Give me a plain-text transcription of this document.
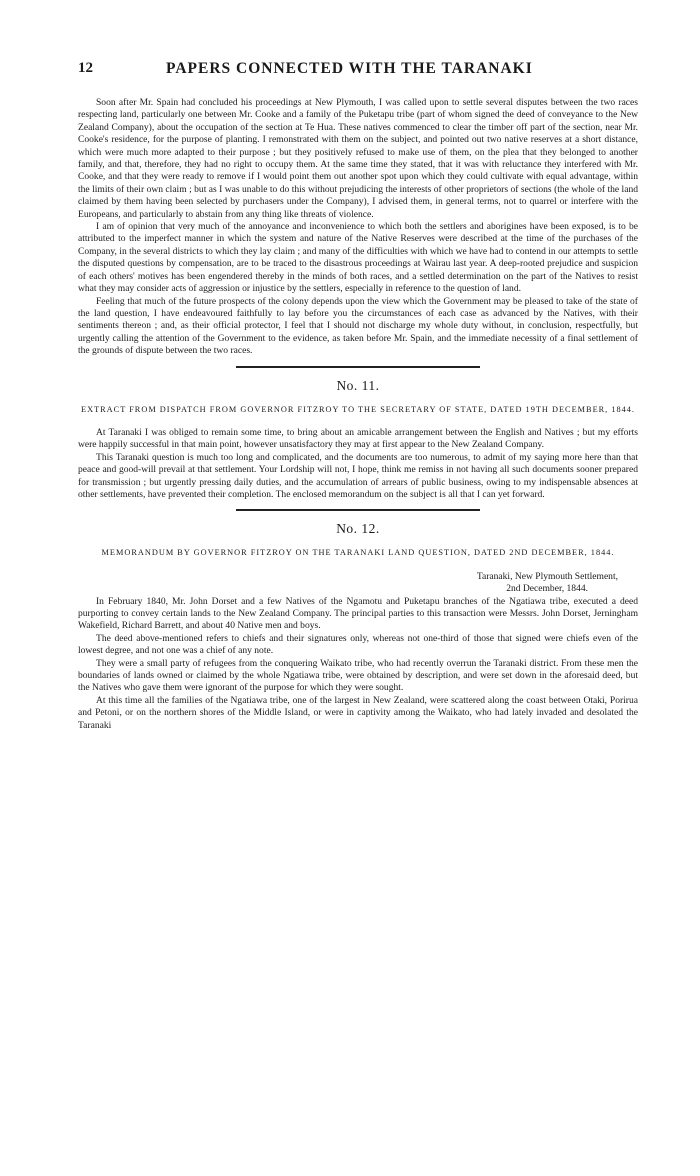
12	PAPERS CONNECTED WITH THE TARANAKI

Soon after Mr. Spain had concluded his proceedings at New Plymouth, I was called upon to settle several disputes between the two races respecting land, particularly one between Mr. Cooke and a family of the Puketapu tribe (part of whom signed the deed of conveyance to the New Zealand Company), about the occupation of the section at Te Hua. These natives commenced to clear the timber off part of the section, near Mr. Cooke's residence, for the purpose of planting. I remonstrated with them on the subject, and pointed out two native reserves at a short distance, which were much more adapted to their purpose ; but they positively refused to make use of them, on the plea that they belonged to another family, and that, therefore, they had no right to occupy them. At the same time they stated, that it was with reluctance they interfered with Mr. Cooke, and that they were ready to remove if I would point them out another spot upon which they could cultivate with equal advantage, within the limits of their own claim ; but as I was unable to do this without prejudicing the interests of other proprietors of sections (the whole of the land claimed by them having been selected by purchasers under the Company), I advised them, in general terms, not to quarrel or interfere with the Europeans, and particularly to abstain from any thing like threats of violence.

I am of opinion that very much of the annoyance and inconvenience to which both the settlers and aborigines have been exposed, is to be attributed to the imperfect manner in which the system and nature of the Native Reserves were described at the time of the purchases of the Company, in the several districts to which they lay claim ; and many of the difficulties with which we have had to contend in our attempts to settle the disputed questions by compensation, are to be traced to the disastrous proceedings at Wairau last year. A deep-rooted prejudice and suspicion of each others' motives has been engendered thereby in the minds of both races, and a settled determination on the part of the Natives to resist what they may consider acts of aggression or injustice by the settlers, especially in reference to the question of land.

Feeling that much of the future prospects of the colony depends upon the view which the Government may be pleased to take of the state of the land question, I have endeavoured faithfully to lay before you the circumstances of each case as advanced by the Natives, with their sentiments thereon ; and, as their official protector, I feel that I should not discharge my whole duty without, in conclusion, respectfully, but urgently calling the attention of the Government to the evidence, as taken before Mr. Spain, and the immediate necessity of a final settlement of the grounds of dispute between the two races.

No. 11.
EXTRACT FROM DISPATCH FROM GOVERNOR FITZROY TO THE SECRETARY OF STATE, DATED 19TH DECEMBER, 1844.

At Taranaki I was obliged to remain some time, to bring about an amicable arrangement between the English and Natives ; but my efforts were happily successful in that main point, however unsatisfactory they may at first appear to the New Zealand Company.

This Taranaki question is much too long and complicated, and the documents are too numerous, to admit of my saying more here than that peace and good-will prevail at that settlement. Your Lordship will not, I hope, think me remiss in not having all such documents sooner prepared for transmission ; but urgently pressing daily duties, and the accumulation of arrears of public business, owing to my indispensable absences at other settlements, have prevented their completion. The enclosed memorandum on the subject is all that I can yet forward.

No. 12.
MEMORANDUM BY GOVERNOR FITZROY ON THE TARANAKI LAND QUESTION, DATED 2ND DECEMBER, 1844.
Taranaki, New Plymouth Settlement,
2nd December, 1844.

In February 1840, Mr. John Dorset and a few Natives of the Ngamotu and Puketapu branches of the Ngatiawa tribe, executed a deed purporting to convey certain lands to the New Zealand Company. The principal parties to this transaction were Messrs. John Dorset, Jerningham Wakefield, Richard Barrett, and about 40 Native men and boys.

The deed above-mentioned refers to chiefs and their signatures only, whereas not one-third of those that signed were chiefs even of the lowest degree, and not one was a chief of any note.

They were a small party of refugees from the conquering Waikato tribe, who had recently overrun the Taranaki district. From these men the boundaries of lands owned or claimed by the whole Ngatiawa tribe, were obtained by description, and were set down in the aforesaid deed, but the Natives who gave them were ignorant of the purpose for which they were sought.

At this time all the families of the Ngatiawa tribe, one of the largest in New Zealand, were scattered along the coast between Otaki, Porirua and Petoni, or on the northern shores of the Middle Island, or were in captivity among the Waikato, who had lately invaded and desolated the Taranaki
